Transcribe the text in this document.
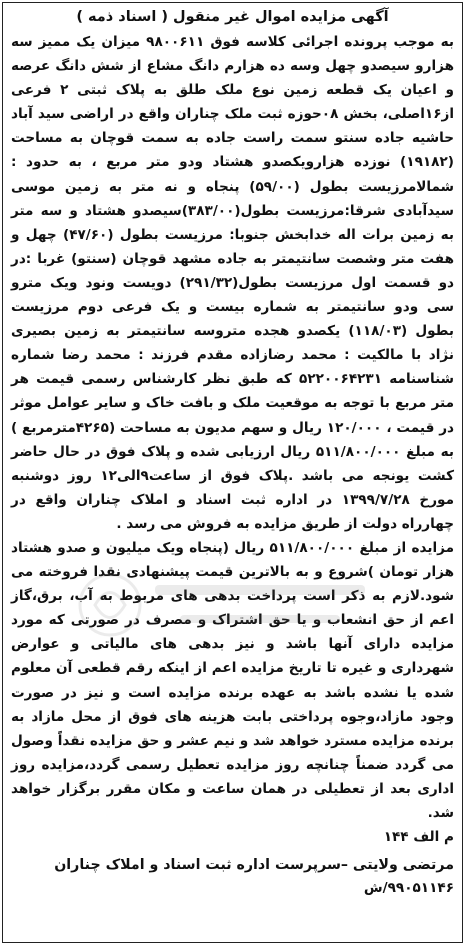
آگهی مزایده اموال غیر منقول ( اسناد ذمه )

به موجب پرونده اجرائی کلاسه فوق ۹۸۰۰۶۱۱ میزان یک ممیز سه هزارو سیصدو چهل وسه ده هزارم دانگ مشاع از شش دانگ عرصه و اعیان یک قطعه زمین نوع ملک طلق به پلاک ثبتی ۲ فرعی از۱۶اصلی، بخش ۰۸حوزه ثبت ملک چناران واقع در اراضی سید آباد حاشیه جاده سنتو سمت راست جاده به سمت قوچان به مساحت (۱۹۱۸۲) نوزده هزارویکصدو هشتاد ودو متر مربع ، به حدود : شمالامرزیست بطول (۵۹/۰۰) پنجاه و نه متر به زمین موسی سیدآبادی شرقا:مرزیست بطول(۳۸۳/۰۰)سیصدو هشتاد و سه متر به زمین برات اله خدابخش جنوبا: مرزیست بطول (۴۷/۶۰) چهل و هفت متر وشصت سانتیمتر به جاده مشهد قوچان (سنتو) غربا :در دو قسمت اول مرزیست بطول(۲۹۱/۳۲) دویست ونود ویک مترو سی ودو سانتیمتر به شماره بیست و یک فرعی دوم مرزیست بطول (۱۱۸/۰۳) یکصدو هجده متروسه سانتیمتر به زمین بصیری نژاد با مالکیت : محمد رضازاده مقدم فرزند : محمد رضا شماره شناسنامه ۵۲۲۰۰۶۴۲۳۱ که طبق نظر کارشناس رسمی قیمت هر متر مربع با توجه به موقعیت ملک و بافت خاک و سایر عوامل موثر در قیمت ، ۱۲۰/۰۰۰ ریال و سهم مدیون به مساحت (۴۲۶۵مترمربع ) به مبلغ ۵۱۱/۸۰۰/۰۰۰ ریال ارزیابی شده و پلاک فوق در حال حاضر کشت یونجه می باشد .پلاک فوق از ساعت۹الی۱۲ روز دوشنبه مورخ ۱۳۹۹/۷/۲۸ در اداره ثبت اسناد و املاک چناران واقع در چهارراه دولت از طریق مزایده به فروش می رسد .

مزایده از مبلغ ۵۱۱/۸۰۰/۰۰۰ ریال (پنجاه ویک میلیون و صدو هشتاد هزار تومان )شروع و به بالاترین قیمت پیشنهادی نقدا فروخته می شود.لازم به ذکر است پرداخت بدهی های مربوط به آب، برق،گاز اعم از حق انشعاب و یا حق اشتراک و مصرف در صورتی که مورد مزایده دارای آنها باشد و نیز بدهی های مالیاتی و عوارض شهرداری و غیره تا تاریخ مزایده اعم از اینکه رقم قطعی آن معلوم شده یا نشده باشد به عهده برنده مزایده است و نیز در صورت وجود مازاد،وجوه پرداختی بابت هزینه های فوق از محل مازاد به برنده مزایده مسترد خواهد شد و نیم عشر و حق مزایده نقداً وصول می گردد ضمناً چنانچه روز مزایده تعطیل رسمی گردد،مزایده روز اداری بعد از تعطیلی در همان ساعت و مکان مقرر برگزار خواهد شد.

م الف ۱۴۴
مرتضی ولایتی –سرپرست اداره ثبت اسناد و املاک چناران
۹۹۰۵۱۱۴۶/ش
